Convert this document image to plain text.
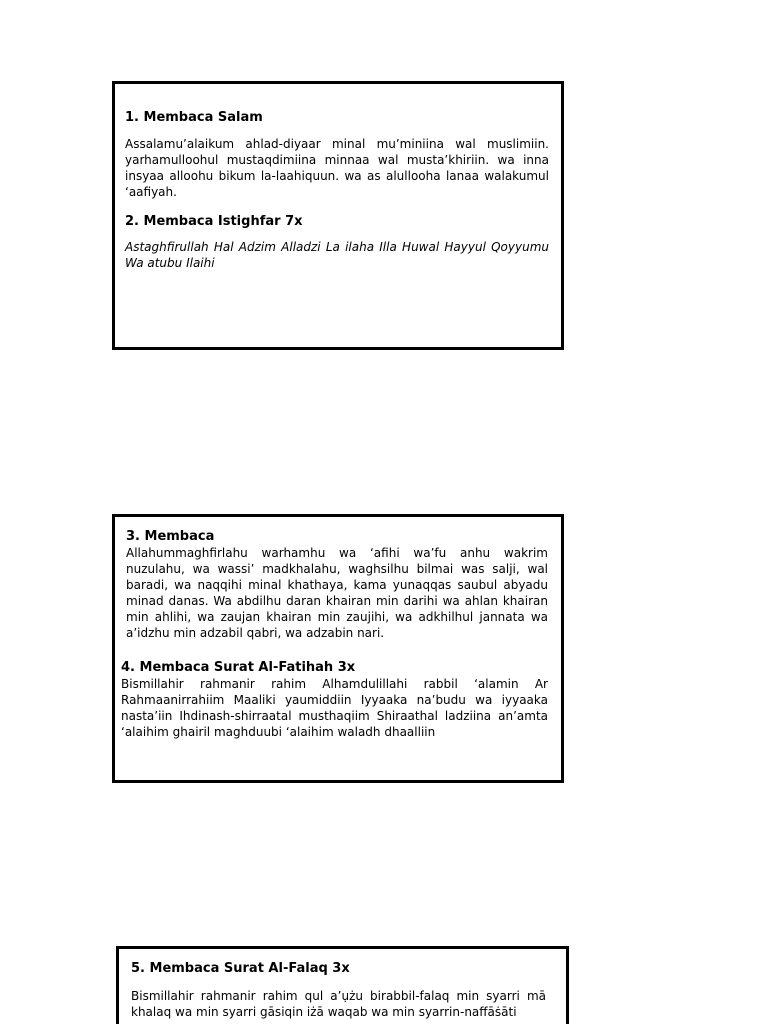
1. Membaca Salam
Assalamu’alaikum ahlad-diyaar minal mu’miniina wal muslimiin. yarhamulloohul mustaqdimiina minnaa wal musta’khiriin. wa inna insyaa alloohu bikum la-laahiquun. wa as alullooha lanaa walakumul ‘aafiyah.
2. Membaca Istighfar 7x
Astaghfirullah Hal Adzim Alladzi La ilaha Illa Huwal Hayyul Qoyyumu Wa atubu Ilaihi
3. Membaca
Allahummaghfirlahu warhamhu wa ‘afihi wa’fu anhu wakrim nuzulahu, wa wassi’ madkhalahu, waghsilhu bilmai was salji, wal baradi, wa naqqihi minal khathaya, kama yunaqqas saubul abyadu minad danas. Wa abdilhu daran khairan min darihi wa ahlan khairan min ahlihi, wa zaujan khairan min zaujihi, wa adkhilhul jannata wa a’idzhu min adzabil qabri, wa adzabin nari.
4. Membaca Surat Al-Fatihah 3x
Bismillahir rahmanir rahim Alhamdulillahi rabbil ‘alamin Ar Rahmaanirrahiim Maaliki yaumiddiin Iyyaaka na’budu wa iyyaaka nasta’iin Ihdinash-shirraatal musthaqiim Shiraathal ladziina an’amta ‘alaihim ghairil maghduubi ‘alaihim waladh dhaalliin
5. Membaca Surat Al-Falaq 3x
Bismillahir rahmanir rahim qul a’ụżu birabbil-falaq min syarri mā khalaq wa min syarri gāsiqin iżā waqab wa min syarrin-naffāṡāti
